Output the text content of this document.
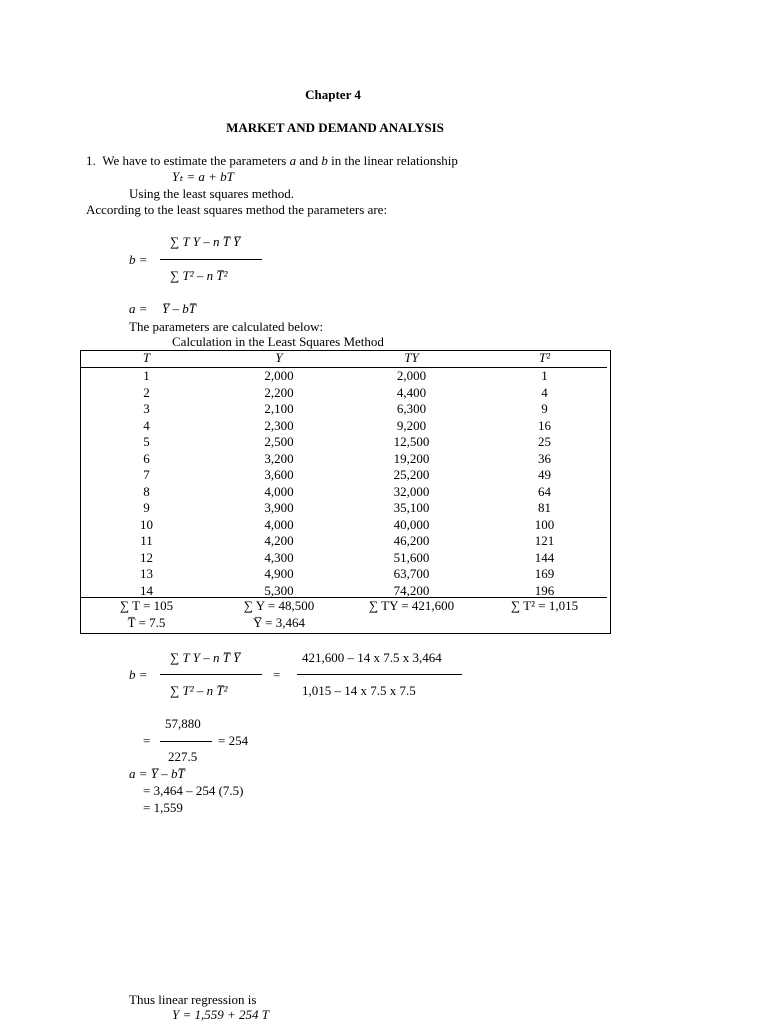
Chapter 4
MARKET AND DEMAND ANALYSIS
1. We have to estimate the parameters a and b in the linear relationship
Yₜ = a + bT
Using the least squares method.
According to the least squares method the parameters are:
b =
∑ T Y – n T̅ Y̅
∑ T² – n T̅²
a = Y̅ – bT̅
The parameters are calculated below:
Calculation in the Least Squares Method
T	Y	TY	T²
1	2,000	2,000	1
2	2,200	4,400	4
3	2,100	6,300	9
4	2,300	9,200	16
5	2,500	12,500	25
6	3,200	19,200	36
7	3,600	25,200	49
8	4,000	32,000	64
9	3,900	35,100	81
10	4,000	40,000	100
11	4,200	46,200	121
12	4,300	51,600	144
13	4,900	63,700	169
14	5,300	74,200	196
∑ T = 105	∑ Y = 48,500	∑ TY = 421,600	∑ T² = 1,015
T̅ = 7.5	Y̅ = 3,464
b =
∑ T Y – n T̅ Y̅
∑ T² – n T̅²
=
421,600 – 14 x 7.5 x 3,464
1,015 – 14 x 7.5 x 7.5
=
57,880
227.5
= 254
a = Y̅ – bT̅
= 3,464 – 254 (7.5)
= 1,559
Thus linear regression is
Y = 1,559 + 254 T
